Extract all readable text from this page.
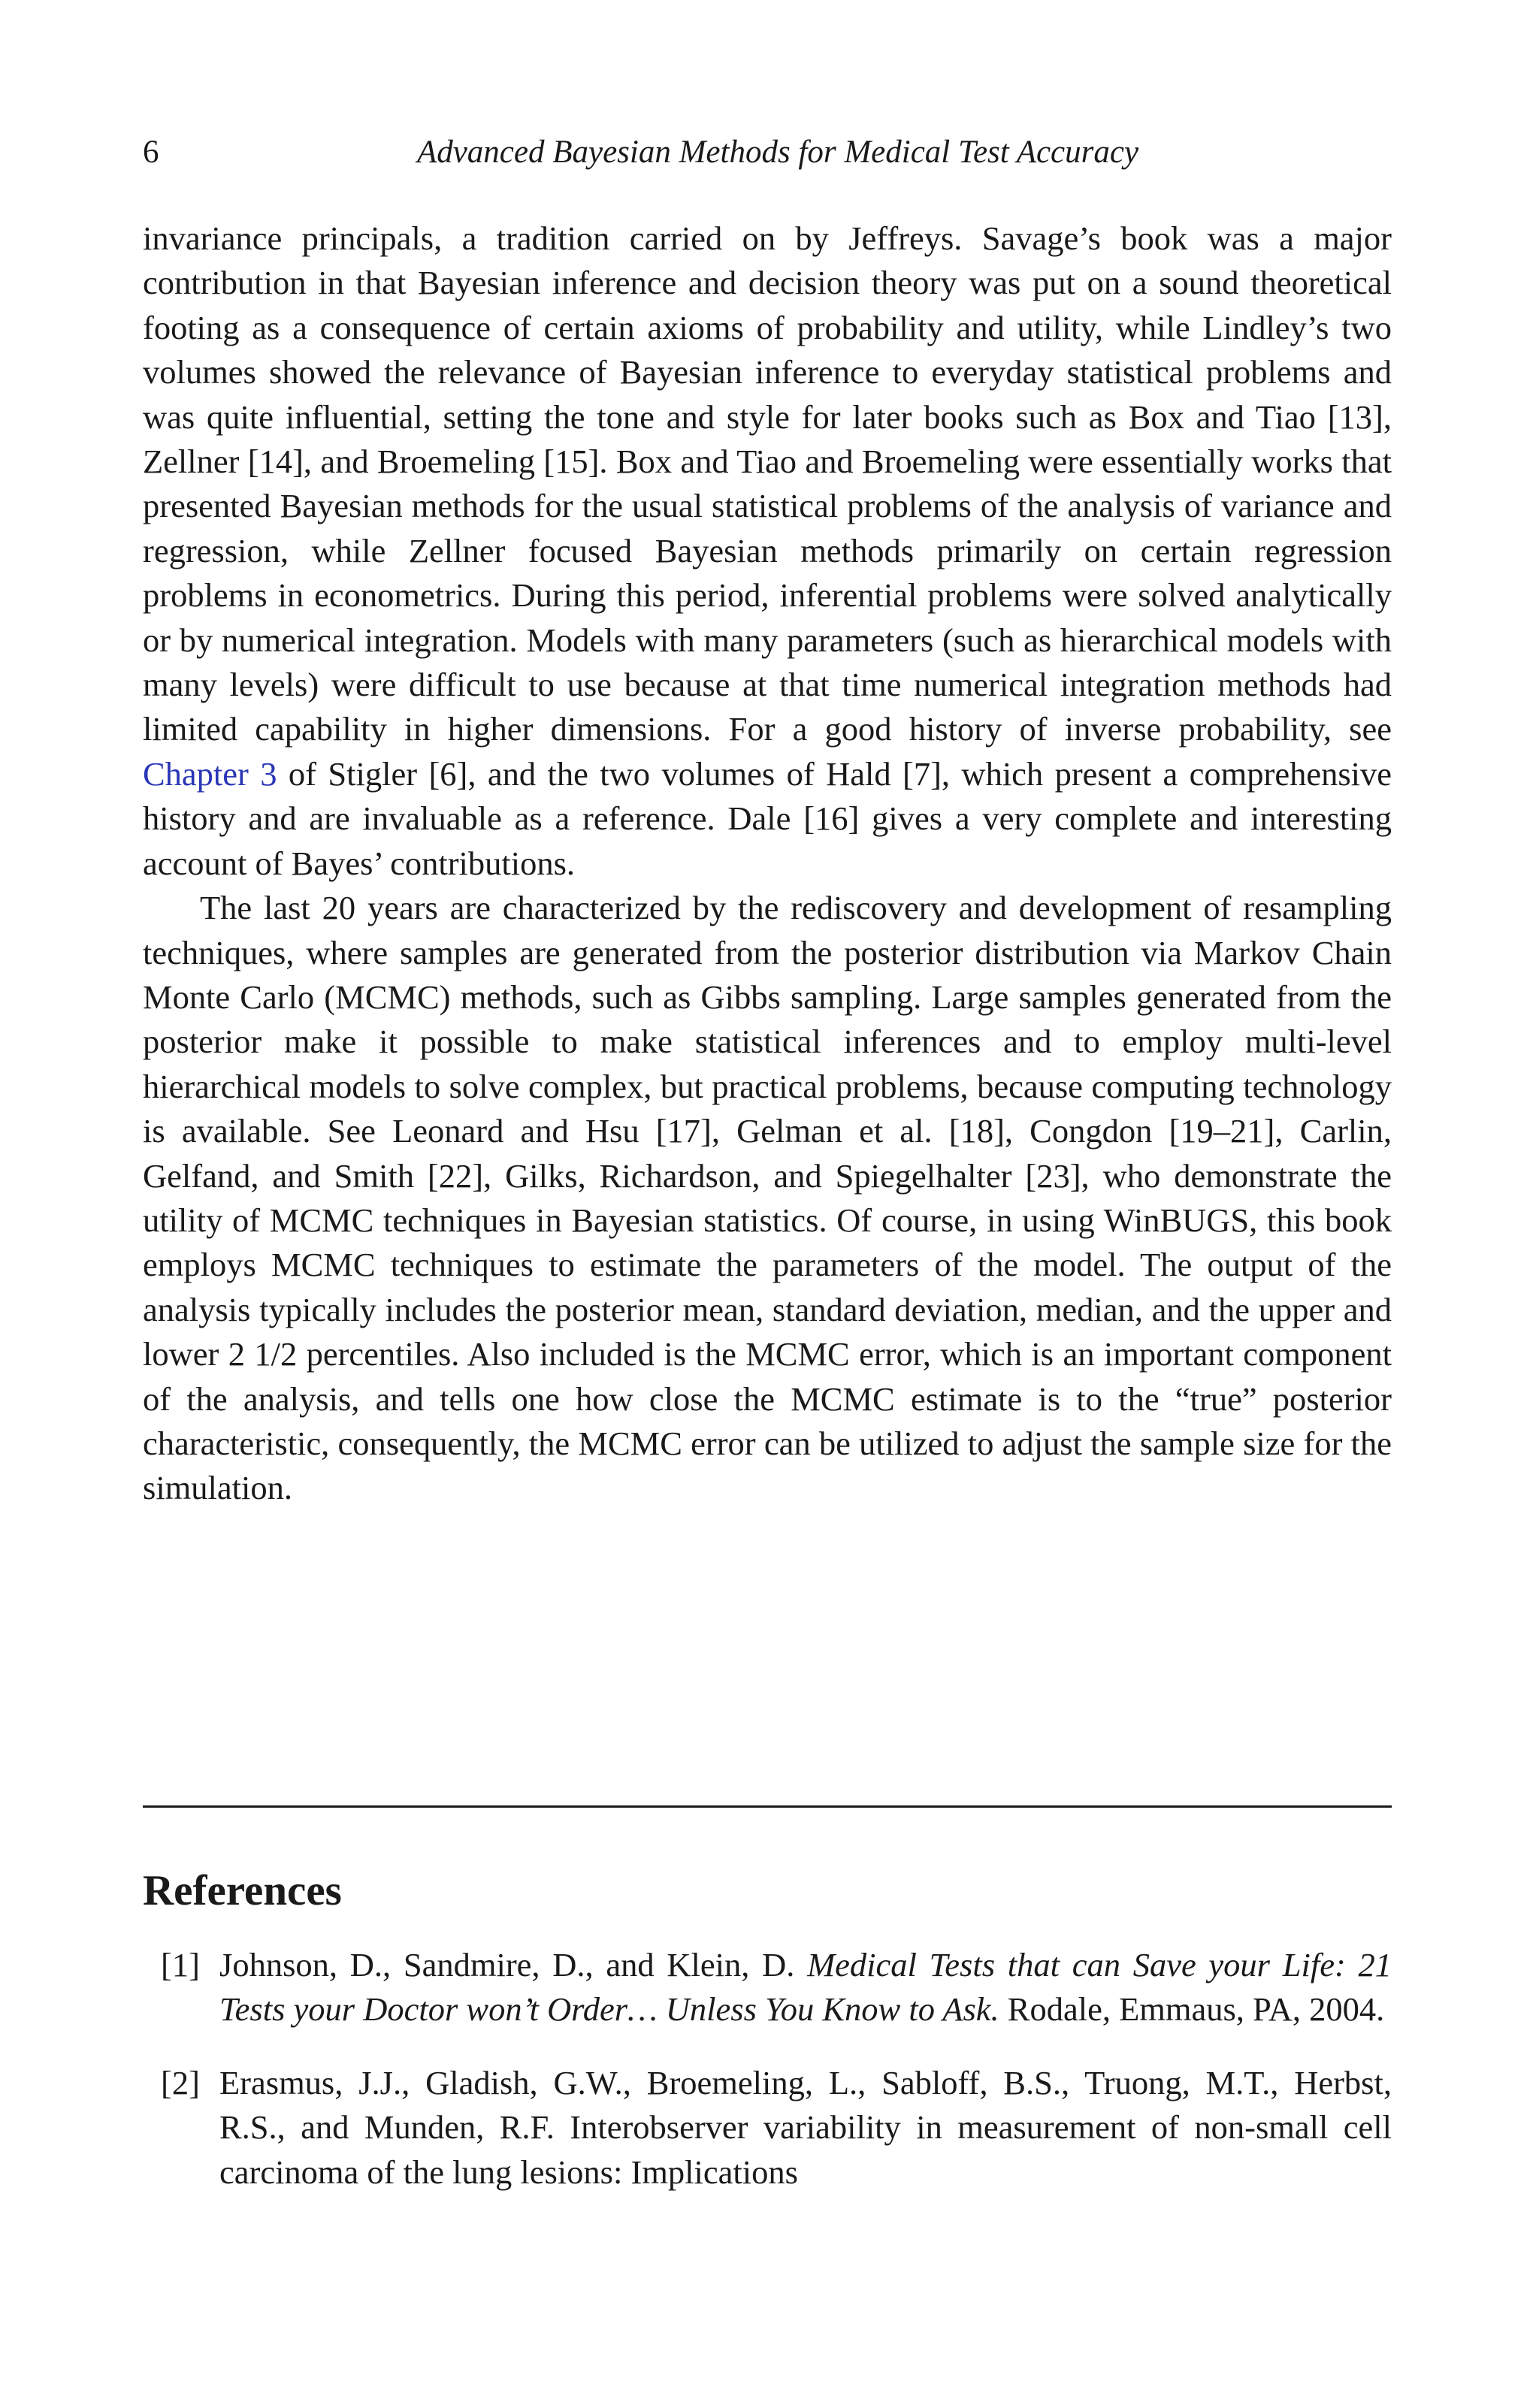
6	Advanced Bayesian Methods for Medical Test Accuracy

invariance principals, a tradition carried on by Jeffreys. Savage’s book was a major contribution in that Bayesian inference and decision theory was put on a sound theoretical footing as a consequence of certain axioms of probability and utility, while Lindley’s two volumes showed the relevance of Bayesian inference to everyday statistical problems and was quite influential, setting the tone and style for later books such as Box and Tiao [13], Zellner [14], and Broemeling [15]. Box and Tiao and Broemeling were essentially works that presented Bayesian methods for the usual statistical problems of the analysis of variance and regression, while Zellner focused Bayesian methods primarily on certain regression problems in econometrics. During this period, inferential problems were solved analytically or by numerical integration. Models with many parameters (such as hierarchical models with many levels) were difficult to use because at that time numerical integration methods had limited capability in higher dimensions. For a good history of inverse probability, see Chapter 3 of Stigler [6], and the two volumes of Hald [7], which present a comprehensive history and are invaluable as a reference. Dale [16] gives a very complete and interesting account of Bayes’ contributions.

The last 20 years are characterized by the rediscovery and development of resampling techniques, where samples are generated from the posterior distribution via Markov Chain Monte Carlo (MCMC) methods, such as Gibbs sampling. Large samples generated from the posterior make it possible to make statistical inferences and to employ multi-level hierarchical models to solve complex, but practical problems, because computing technology is available. See Leonard and Hsu [17], Gelman et al. [18], Congdon [19–21], Carlin, Gelfand, and Smith [22], Gilks, Richardson, and Spiegelhalter [23], who demonstrate the utility of MCMC techniques in Bayesian statistics. Of course, in using WinBUGS, this book employs MCMC techniques to estimate the parameters of the model. The output of the analysis typically includes the posterior mean, standard deviation, median, and the upper and lower 2 1/2 percentiles. Also included is the MCMC error, which is an important component of the analysis, and tells one how close the MCMC estimate is to the “true” posterior characteristic, consequently, the MCMC error can be utilized to adjust the sample size for the simulation.

References
[1] Johnson, D., Sandmire, D., and Klein, D. Medical Tests that can Save your Life: 21 Tests your Doctor won’t Order… Unless You Know to Ask. Rodale, Emmaus, PA, 2004.
[2] Erasmus, J.J., Gladish, G.W., Broemeling, L., Sabloff, B.S., Truong, M.T., Herbst, R.S., and Munden, R.F. Interobserver variability in measurement of non-small cell carcinoma of the lung lesions: Implications
